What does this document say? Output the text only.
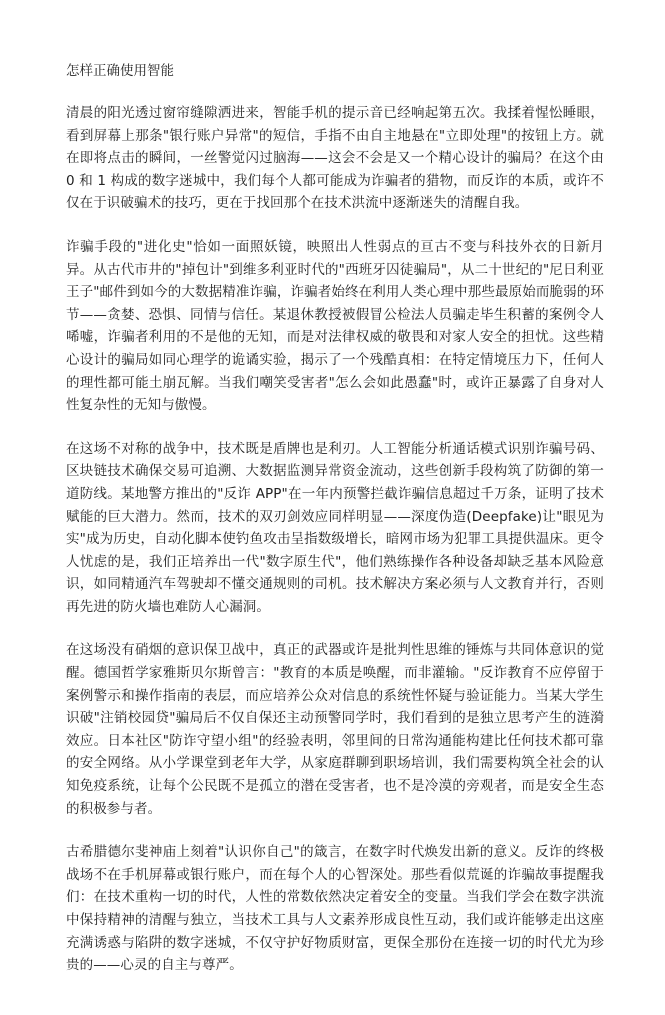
怎样正确使用智能

清晨的阳光透过窗帘缝隙洒进来，智能手机的提示音已经响起第五次。我揉着惺忪睡眼，看到屏幕上那条"银行账户异常"的短信，手指不由自主地悬在"立即处理"的按钮上方。就在即将点击的瞬间，一丝警觉闪过脑海——这会不会是又一个精心设计的骗局？在这个由 0 和 1 构成的数字迷城中，我们每个人都可能成为诈骗者的猎物，而反诈的本质，或许不仅在于识破骗术的技巧，更在于找回那个在技术洪流中逐渐迷失的清醒自我。

诈骗手段的"进化史"恰如一面照妖镜，映照出人性弱点的亘古不变与科技外衣的日新月异。从古代市井的"掉包计"到维多利亚时代的"西班牙囚徒骗局"，从二十世纪的"尼日利亚王子"邮件到如今的大数据精准诈骗，诈骗者始终在利用人类心理中那些最原始而脆弱的环节——贪婪、恐惧、同情与信任。某退休教授被假冒公检法人员骗走毕生积蓄的案例令人唏嘘，诈骗者利用的不是他的无知，而是对法律权威的敬畏和对家人安全的担忧。这些精心设计的骗局如同心理学的诡谲实验，揭示了一个残酷真相：在特定情境压力下，任何人的理性都可能土崩瓦解。当我们嘲笑受害者"怎么会如此愚蠢"时，或许正暴露了自身对人性复杂性的无知与傲慢。

在这场不对称的战争中，技术既是盾牌也是利刃。人工智能分析通话模式识别诈骗号码、区块链技术确保交易可追溯、大数据监测异常资金流动，这些创新手段构筑了防御的第一道防线。某地警方推出的"反诈 APP"在一年内预警拦截诈骗信息超过千万条，证明了技术赋能的巨大潜力。然而，技术的双刃剑效应同样明显——深度伪造(Deepfake)让"眼见为实"成为历史，自动化脚本使钓鱼攻击呈指数级增长，暗网市场为犯罪工具提供温床。更令人忧虑的是，我们正培养出一代"数字原生代"，他们熟练操作各种设备却缺乏基本风险意识，如同精通汽车驾驶却不懂交通规则的司机。技术解决方案必须与人文教育并行，否则再先进的防火墙也难防人心漏洞。

在这场没有硝烟的意识保卫战中，真正的武器或许是批判性思维的锤炼与共同体意识的觉醒。德国哲学家雅斯贝尔斯曾言："教育的本质是唤醒，而非灌输。"反诈教育不应停留于案例警示和操作指南的表层，而应培养公众对信息的系统性怀疑与验证能力。当某大学生识破"注销校园贷"骗局后不仅自保还主动预警同学时，我们看到的是独立思考产生的涟漪效应。日本社区"防诈守望小组"的经验表明，邻里间的日常沟通能构建比任何技术都可靠的安全网络。从小学课堂到老年大学，从家庭群聊到职场培训，我们需要构筑全社会的认知免疫系统，让每个公民既不是孤立的潜在受害者，也不是冷漠的旁观者，而是安全生态的积极参与者。

古希腊德尔斐神庙上刻着"认识你自己"的箴言，在数字时代焕发出新的意义。反诈的终极战场不在手机屏幕或银行账户，而在每个人的心智深处。那些看似荒诞的诈骗故事提醒我们：在技术重构一切的时代，人性的常数依然决定着安全的变量。当我们学会在数字洪流中保持精神的清醒与独立，当技术工具与人文素养形成良性互动，我们或许能够走出这座充满诱惑与陷阱的数字迷城，不仅守护好物质财富，更保全那份在连接一切的时代尤为珍贵的——心灵的自主与尊严。
